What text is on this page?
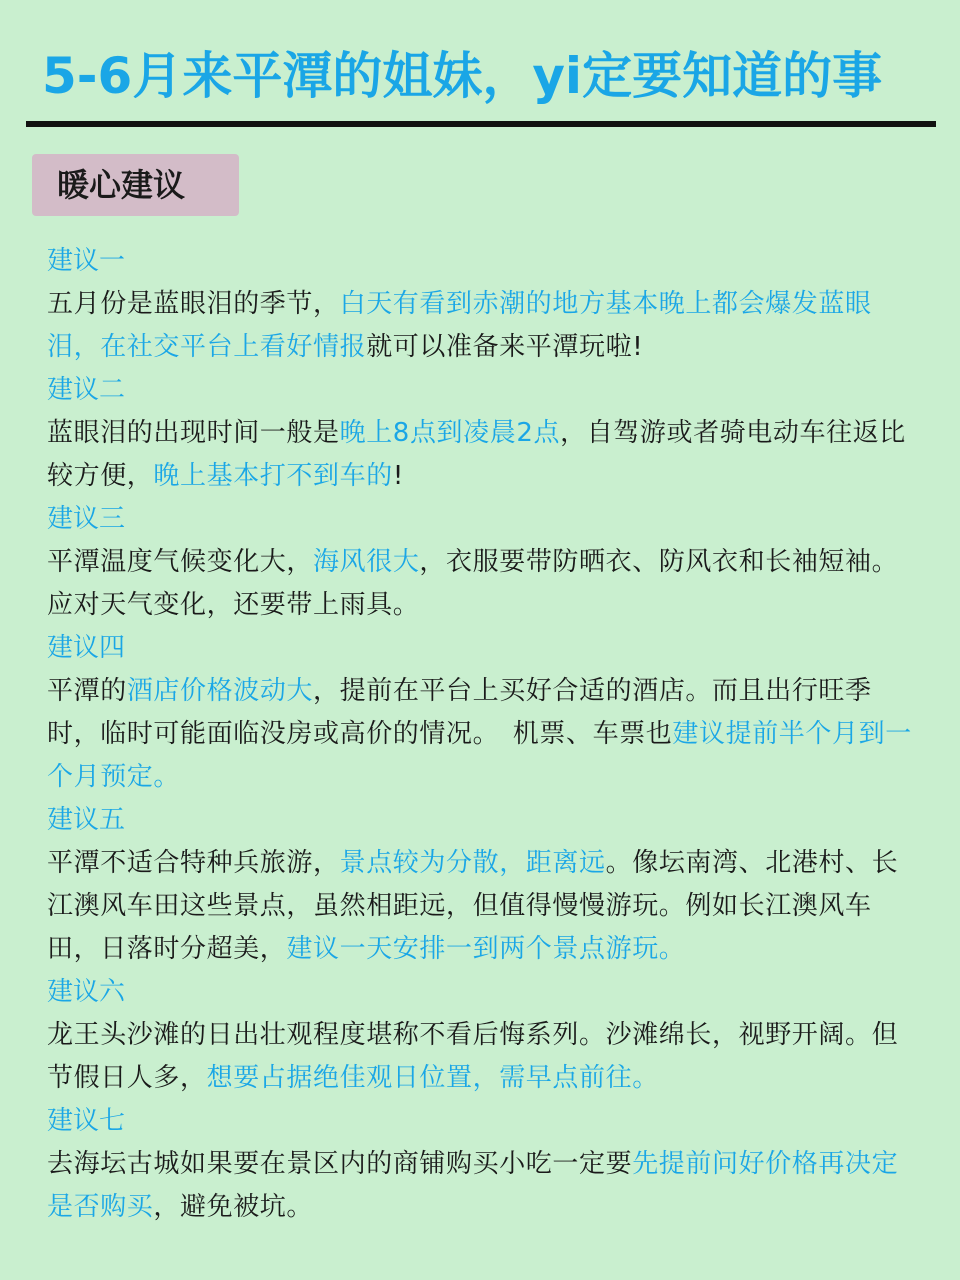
5-6月来平潭的姐妹，yi定要知道的事
暖心建议
建议一
五月份是蓝眼泪的季节，白天有看到赤潮的地方基本晚上都会爆发蓝眼泪，在社交平台上看好情报就可以准备来平潭玩啦!
建议二
蓝眼泪的出现时间一般是晚上8点到凌晨2点，自驾游或者骑电动车往返比较方便，晚上基本打不到车的!
建议三
平潭温度气候变化大，海风很大，衣服要带防晒衣、防风衣和长袖短袖。应对天气变化，还要带上雨具。
建议四
平潭的酒店价格波动大，提前在平台上买好合适的酒店。而且出行旺季时，临时可能面临没房或高价的情况。　机票、车票也建议提前半个月到一个月预定。
建议五
平潭不适合特种兵旅游，景点较为分散，距离远。像坛南湾、北港村、长江澳风车田这些景点，虽然相距远，但值得慢慢游玩。例如长江澳风车田，日落时分超美，建议一天安排一到两个景点游玩。
建议六
龙王头沙滩的日出壮观程度堪称不看后悔系列。沙滩绵长，视野开阔。但节假日人多，想要占据绝佳观日位置，需早点前往。
建议七
去海坛古城如果要在景区内的商铺购买小吃一定要先提前问好价格再决定是否购买，避免被坑。
